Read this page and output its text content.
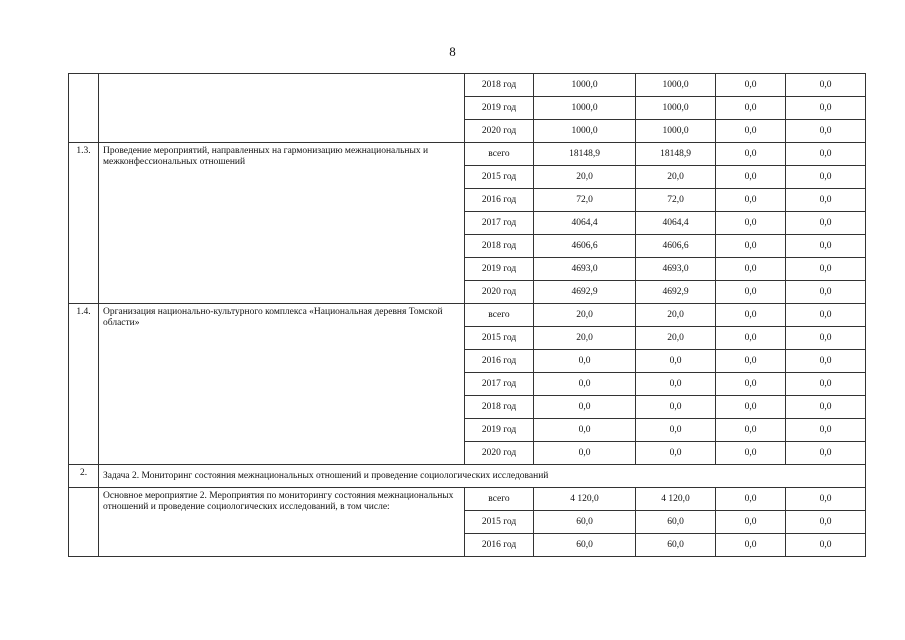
8
		2018 год	1000,0	1000,0	0,0	0,0
		2019 год	1000,0	1000,0	0,0	0,0
		2020 год	1000,0	1000,0	0,0	0,0
1.3.	Проведение мероприятий, направленных на гармонизацию межнациональных и межконфессиональных отношений	всего	18148,9	18148,9	0,0	0,0
		2015 год	20,0	20,0	0,0	0,0
		2016 год	72,0	72,0	0,0	0,0
		2017 год	4064,4	4064,4	0,0	0,0
		2018 год	4606,6	4606,6	0,0	0,0
		2019 год	4693,0	4693,0	0,0	0,0
		2020 год	4692,9	4692,9	0,0	0,0
1.4.	Организация национально-культурного комплекса «Национальная деревня Томской области»	всего	20,0	20,0	0,0	0,0
		2015 год	20,0	20,0	0,0	0,0
		2016 год	0,0	0,0	0,0	0,0
		2017 год	0,0	0,0	0,0	0,0
		2018 год	0,0	0,0	0,0	0,0
		2019 год	0,0	0,0	0,0	0,0
		2020 год	0,0	0,0	0,0	0,0
2.	Задача 2. Мониторинг состояния межнациональных отношений и проведение социологических исследований					
	Основное мероприятие 2. Мероприятия по мониторингу состояния межнациональных отношений и проведение социологических исследований, в том числе:	всего	4 120,0	4 120,0	0,0	0,0
		2015 год	60,0	60,0	0,0	0,0
		2016 год	60,0	60,0	0,0	0,0
